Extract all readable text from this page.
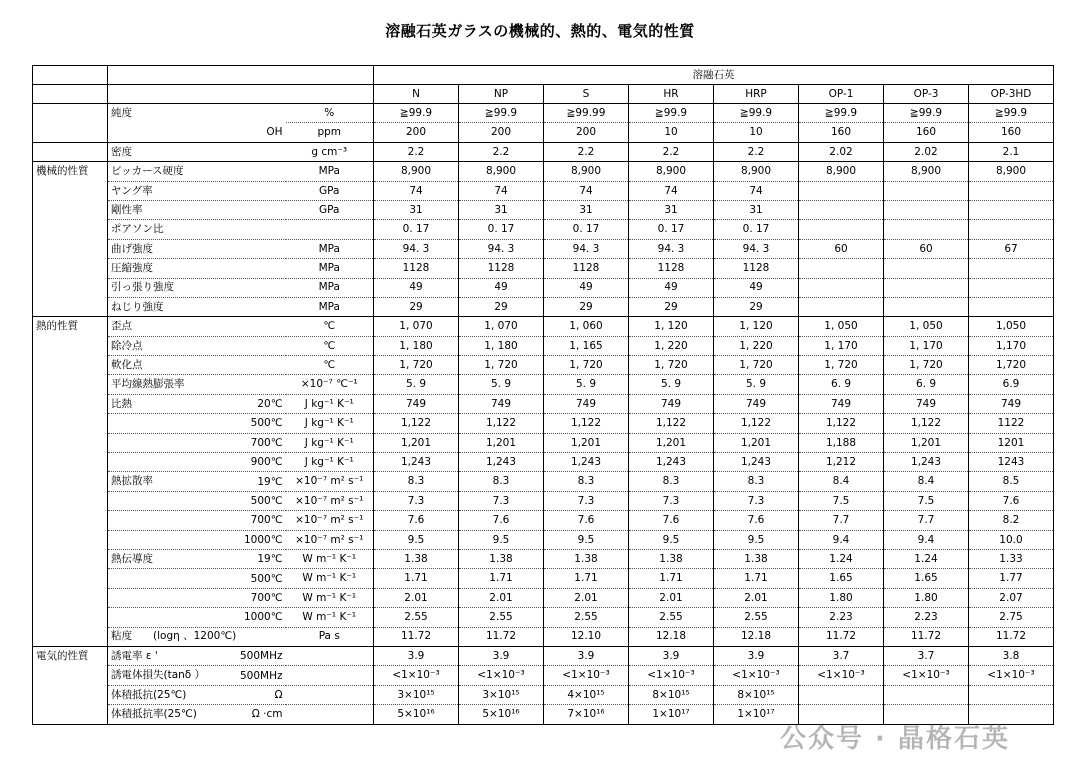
溶融石英ガラスの機械的、熱的、電気的性質
			溶融石英							
			N	NP	S	HR	HRP	OP-1	OP-3	OP-3HD
	純度	%	≧99.9	≧99.9	≧99.99	≧99.9	≧99.9	≧99.9	≧99.9	≧99.9

	OH	ppm	200	200	200	10	10	160	160	160
	密度	g cm⁻³	2.2	2.2	2.2	2.2	2.2	2.02	2.02	2.1
機械的性質	ビッカース硬度	MPa	8,900	8,900	8,900	8,900	8,900	8,900	8,900	8,900
	ヤング率	GPa	74	74	74	74	74			
	剛性率	GPa	31	31	31	31	31			
	ポアソン比		0. 17	0. 17	0. 17	0. 17	0. 17			
	曲げ強度	MPa	94. 3	94. 3	94. 3	94. 3	94. 3	60	60	67
	圧縮強度	MPa	1128	1128	1128	1128	1128			
	引っ張り強度	MPa	49	49	49	49	49			
	ねじり強度	MPa	29	29	29	29	29			
熱的性質	歪点	℃	1, 070	1, 070	1, 060	1, 120	1, 120	1, 050	1, 050	1,050
	除冷点	℃	1, 180	1, 180	1, 165	1, 220	1, 220	1, 170	1, 170	1,170
	軟化点	℃	1, 720	1, 720	1, 720	1, 720	1, 720	1, 720	1, 720	1,720
	平均線熱膨張率	×10⁻⁷ ℃⁻¹	5. 9	5. 9	5. 9	5. 9	5. 9	6. 9	6. 9	6.9
	比熱 20℃	J kg⁻¹ K⁻¹	749	749	749	749	749	749	749	749

	500℃	J kg⁻¹ K⁻¹	1,122	1,122	1,122	1,122	1,122	1,122	1,122	1122

	700℃	J kg⁻¹ K⁻¹	1,201	1,201	1,201	1,201	1,201	1,188	1,201	1201

	900℃	J kg⁻¹ K⁻¹	1,243	1,243	1,243	1,243	1,243	1,212	1,243	1243
	熱拡散率 19℃	×10⁻⁷ m² s⁻¹	8.3	8.3	8.3	8.3	8.3	8.4	8.4	8.5

	500℃	×10⁻⁷ m² s⁻¹	7.3	7.3	7.3	7.3	7.3	7.5	7.5	7.6

	700℃	×10⁻⁷ m² s⁻¹	7.6	7.6	7.6	7.6	7.6	7.7	7.7	8.2

	1000℃	×10⁻⁷ m² s⁻¹	9.5	9.5	9.5	9.5	9.5	9.4	9.4	10.0
	熱伝導度 19℃	W m⁻¹ K⁻¹	1.38	1.38	1.38	1.38	1.38	1.24	1.24	1.33

	500℃	W m⁻¹ K⁻¹	1.71	1.71	1.71	1.71	1.71	1.65	1.65	1.77

	700℃	W m⁻¹ K⁻¹	2.01	2.01	2.01	2.01	2.01	1.80	1.80	2.07

	1000℃	W m⁻¹ K⁻¹	2.55	2.55	2.55	2.55	2.55	2.23	2.23	2.75
	粘度　　(logη 、1200℃)	Pa s	11.72	11.72	12.10	12.18	12.18	11.72	11.72	11.72
電気的性質	誘電率 ε ' 500MHz		3.9	3.9	3.9	3.9	3.9	3.7	3.7	3.8
	誘電体損失(tanδ ） 500MHz		<1×10⁻³	<1×10⁻³	<1×10⁻³	<1×10⁻³	<1×10⁻³	<1×10⁻³	<1×10⁻³	<1×10⁻³
	体積抵抗(25℃) Ω		3×10¹⁵	3×10¹⁵	4×10¹⁵	8×10¹⁵	8×10¹⁵			
	体積抵抗率(25℃) Ω ·cm		5×10¹⁶	5×10¹⁶	7×10¹⁶	1×10¹⁷	1×10¹⁷			
公众号 · 晶格石英
